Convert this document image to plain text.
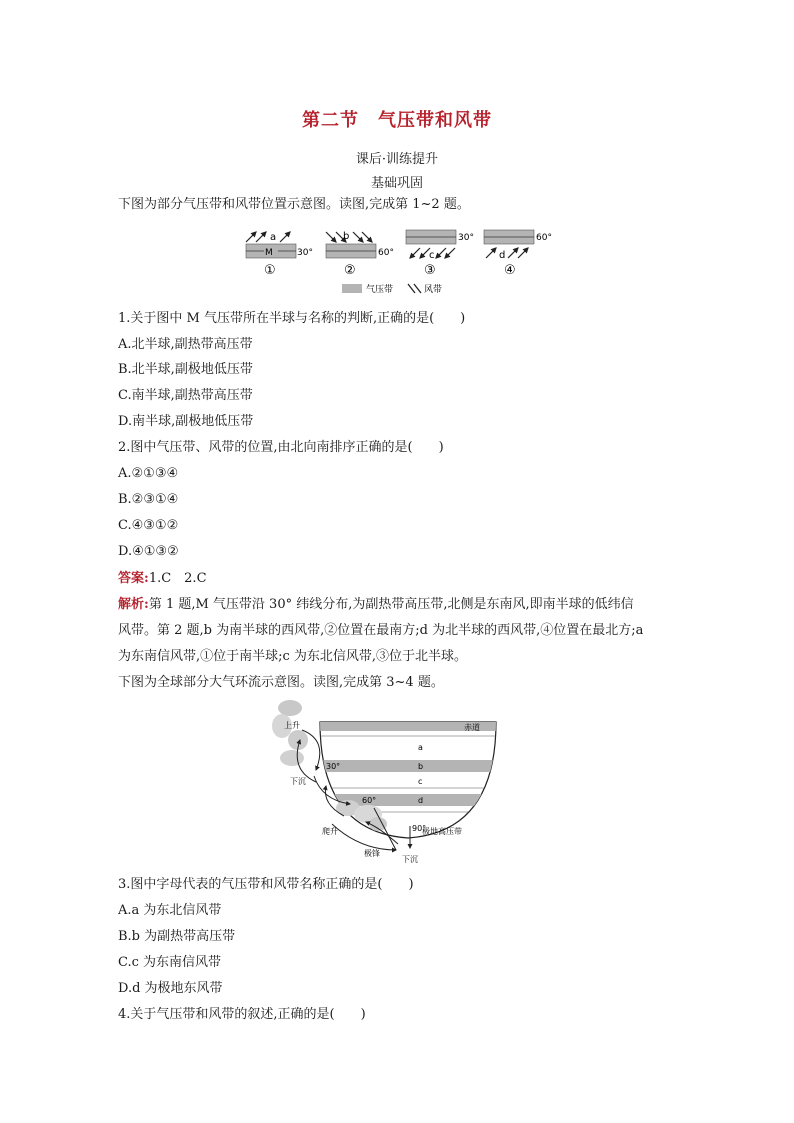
第二节　气压带和风带
课后·训练提升
基础巩固
下图为部分气压带和风带位置示意图。读图,完成第 1~2 题。
a
M	30°
①
b
60°
②
30°
c
③
60°
d
④
气压带	风带
1.关于图中 M 气压带所在半球与名称的判断,正确的是(　　)
A.北半球,副热带高压带
B.北半球,副极地低压带
C.南半球,副热带高压带
D.南半球,副极地低压带
2.图中气压带、风带的位置,由北向南排序正确的是(　　)
A.②①③④
B.②③①④
C.④③①②
D.④①③②
答案:1.C　2.C
解析:第 1 题,M 气压带沿 30° 纬线分布,为副热带高压带,北侧是东南风,即南半球的低纬信
风带。第 2 题,b 为南半球的西风带,②位置在最南方;d 为北半球的西风带,④位置在最北方;a
为东南信风带,①位于南半球;c 为东北信风带,③位于北半球。
下图为全球部分大气环流示意图。读图,完成第 3~4 题。
赤道
a
30°	b
c
60°	d
90°
上升
下沉
爬升
极锋
极地高压带
下沉
3.图中字母代表的气压带和风带名称正确的是(　　)
A.a 为东北信风带
B.b 为副热带高压带
C.c 为东南信风带
D.d 为极地东风带
4.关于气压带和风带的叙述,正确的是(　　)
